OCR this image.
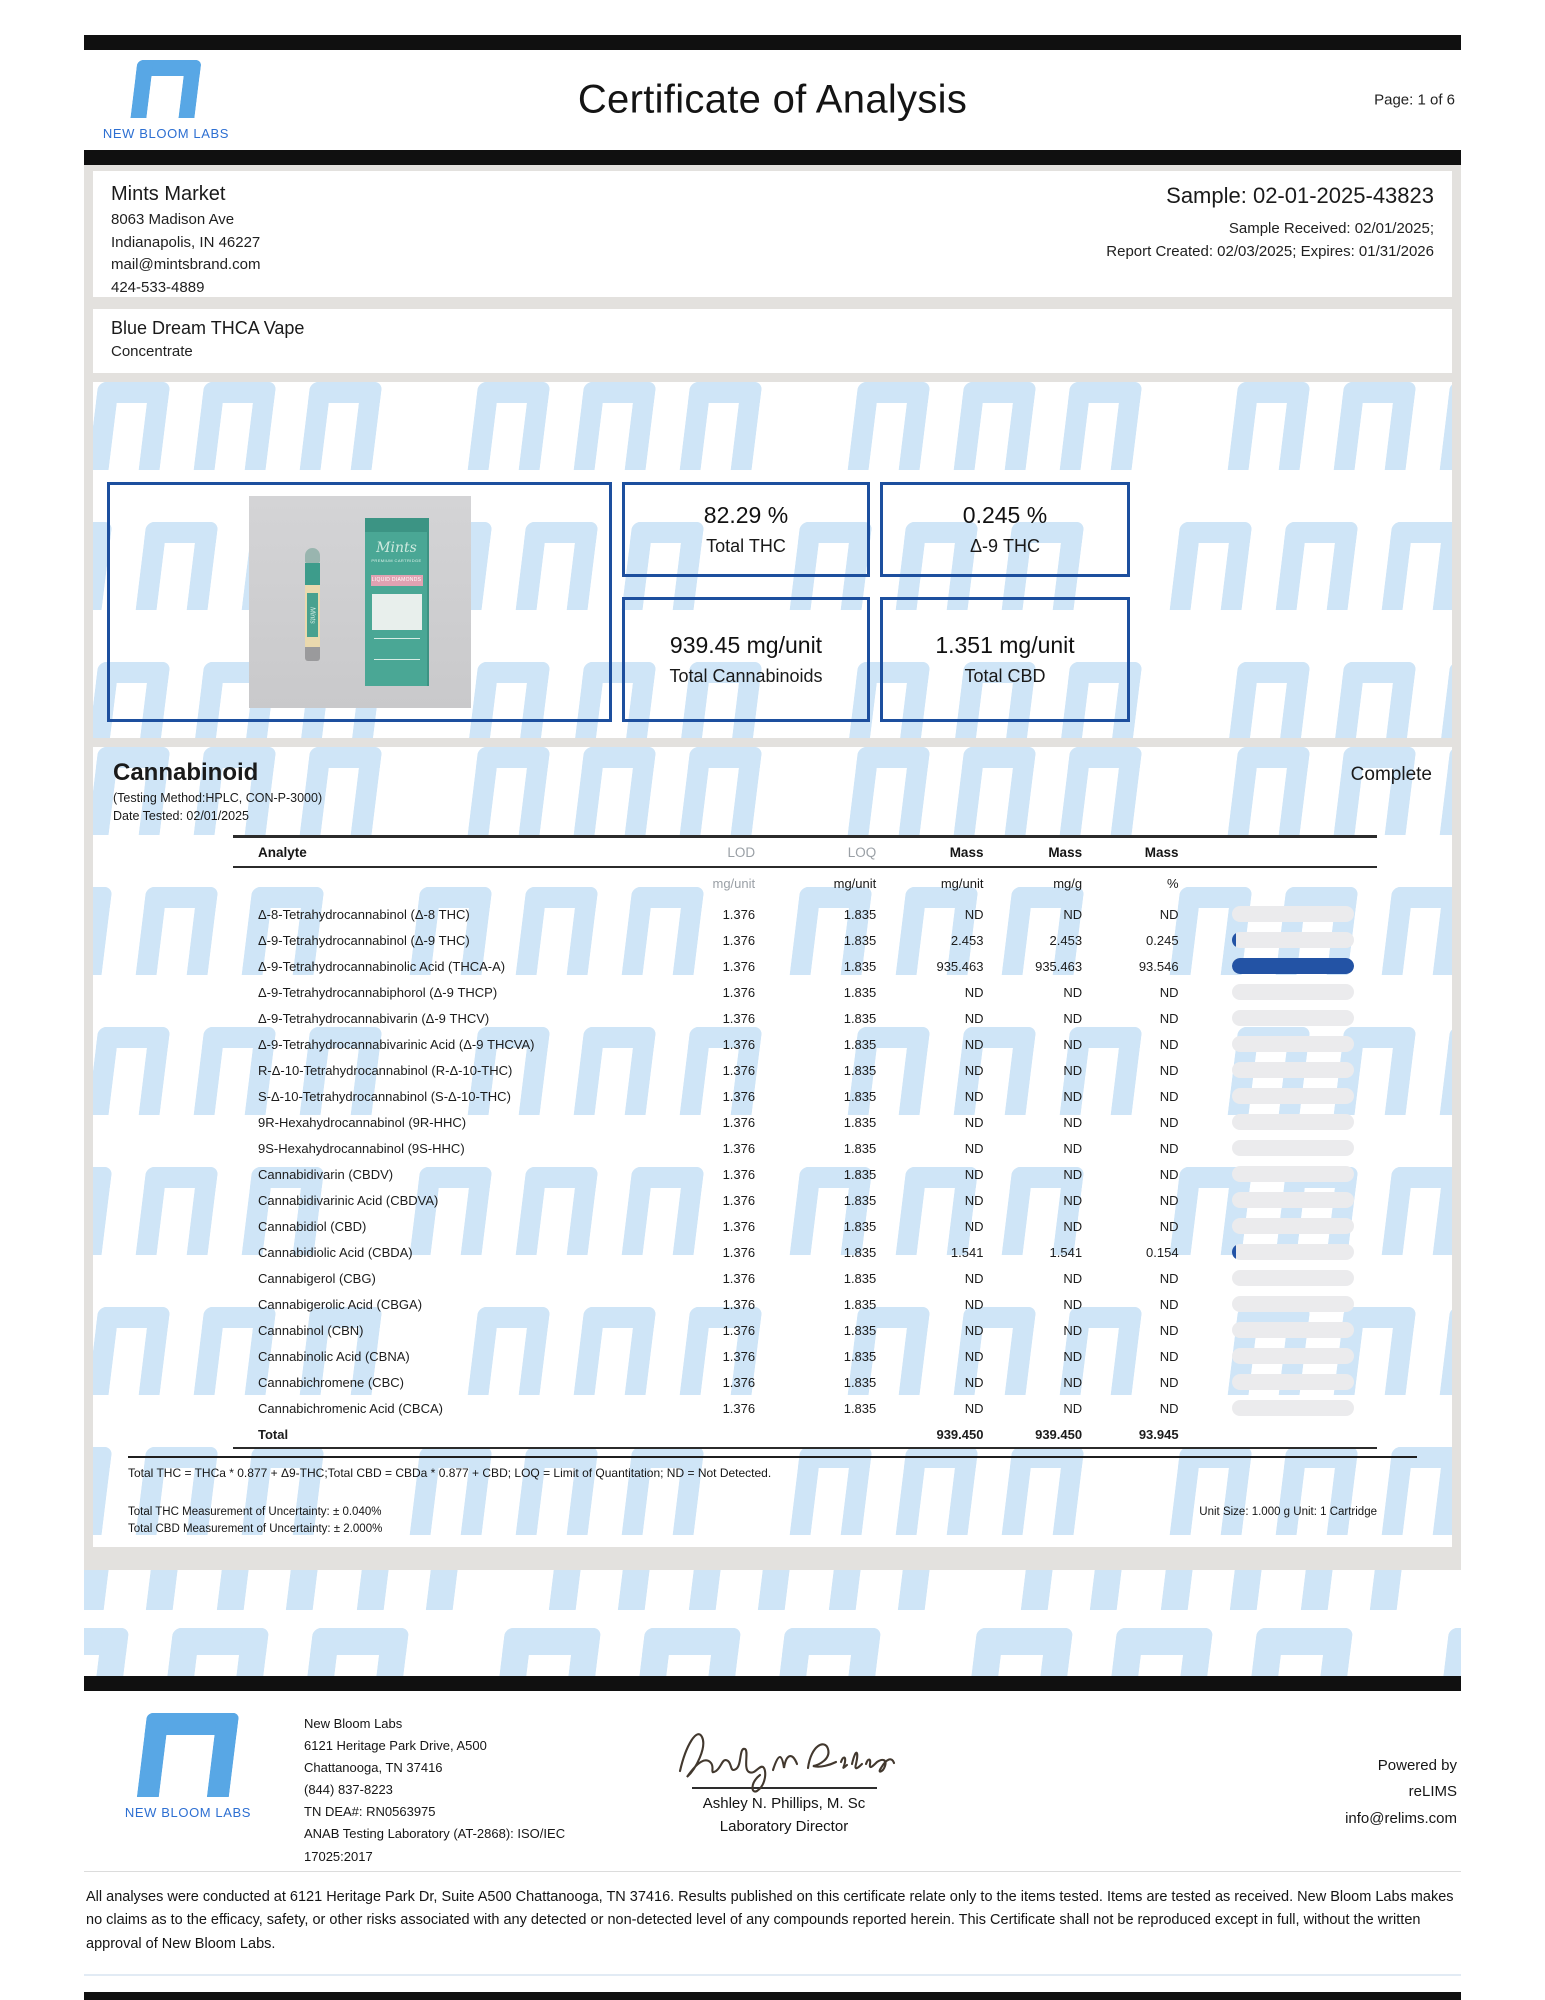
NEW BLOOM LABS
Certificate of Analysis	Page: 1 of 6
Mints Market
8063 Madison Ave
Indianapolis, IN 46227
mail@mintsbrand.com
424-533-4889
Sample: 02-01-2025-43823
Sample Received: 02/01/2025;
Report Created: 02/03/2025; Expires: 01/31/2026
Blue Dream THCA Vape
Concentrate
Mints
Mints
PREMIUM CARTRIDGE
LIQUID DIAMONDS
82.29 %
Total THC
0.245 %
Δ-9 THC
939.45 mg/unit
Total Cannabinoids
1.351 mg/unit
Total CBD
Cannabinoid	Complete
(Testing Method:HPLC, CON-P-3000)
Date Tested: 02/01/2025
Analyte	LOD	LOQ	Mass	Mass	Mass	
	mg/unit	mg/unit	mg/unit	mg/g	%	
Δ-8-Tetrahydrocannabinol (Δ-8 THC)	1.376	1.835	ND	ND	ND	

Δ-9-Tetrahydrocannabinol (Δ-9 THC)	1.376	1.835	2.453	2.453	0.245	

Δ-9-Tetrahydrocannabinolic Acid (THCA-A)	1.376	1.835	935.463	935.463	93.546	

Δ-9-Tetrahydrocannabiphorol (Δ-9 THCP)	1.376	1.835	ND	ND	ND	

Δ-9-Tetrahydrocannabivarin (Δ-9 THCV)	1.376	1.835	ND	ND	ND	

Δ-9-Tetrahydrocannabivarinic Acid (Δ-9 THCVA)	1.376	1.835	ND	ND	ND	

R-Δ-10-Tetrahydrocannabinol (R-Δ-10-THC)	1.376	1.835	ND	ND	ND	

S-Δ-10-Tetrahydrocannabinol (S-Δ-10-THC)	1.376	1.835	ND	ND	ND	

9R-Hexahydrocannabinol (9R-HHC)	1.376	1.835	ND	ND	ND	

9S-Hexahydrocannabinol (9S-HHC)	1.376	1.835	ND	ND	ND	

Cannabidivarin (CBDV)	1.376	1.835	ND	ND	ND	

Cannabidivarinic Acid (CBDVA)	1.376	1.835	ND	ND	ND	

Cannabidiol (CBD)	1.376	1.835	ND	ND	ND	

Cannabidiolic Acid (CBDA)	1.376	1.835	1.541	1.541	0.154	

Cannabigerol (CBG)	1.376	1.835	ND	ND	ND	

Cannabigerolic Acid (CBGA)	1.376	1.835	ND	ND	ND	

Cannabinol (CBN)	1.376	1.835	ND	ND	ND	

Cannabinolic Acid (CBNA)	1.376	1.835	ND	ND	ND	

Cannabichromene (CBC)	1.376	1.835	ND	ND	ND	

Cannabichromenic Acid (CBCA)	1.376	1.835	ND	ND	ND	

Total			939.450	939.450	93.945	
Total THC = THCa * 0.877 + Δ9-THC;Total CBD = CBDa * 0.877 + CBD; LOQ = Limit of Quantitation; ND = Not Detected.
Total THC Measurement of Uncertainty: ± 0.040%
Total CBD Measurement of Uncertainty: ± 2.000%
Unit Size: 1.000 g Unit: 1 Cartridge
NEW BLOOM LABS
New Bloom Labs
6121 Heritage Park Drive, A500
Chattanooga, TN 37416
(844) 837-8223
TN DEA#: RN0563975
ANAB Testing Laboratory (AT-2868): ISO/IEC
17025:2017
Ashley N. Phillips, M. Sc
Laboratory Director
Powered by
reLIMS
info@relims.com
All analyses were conducted at 6121 Heritage Park Dr, Suite A500 Chattanooga, TN 37416. Results published on this certificate relate only to the items tested. Items are tested as received. New Bloom Labs makes no claims as to the efficacy, safety, or other risks associated with any detected or non-detected level of any compounds reported herein. This Certificate shall not be reproduced except in full, without the written approval of New Bloom Labs.
